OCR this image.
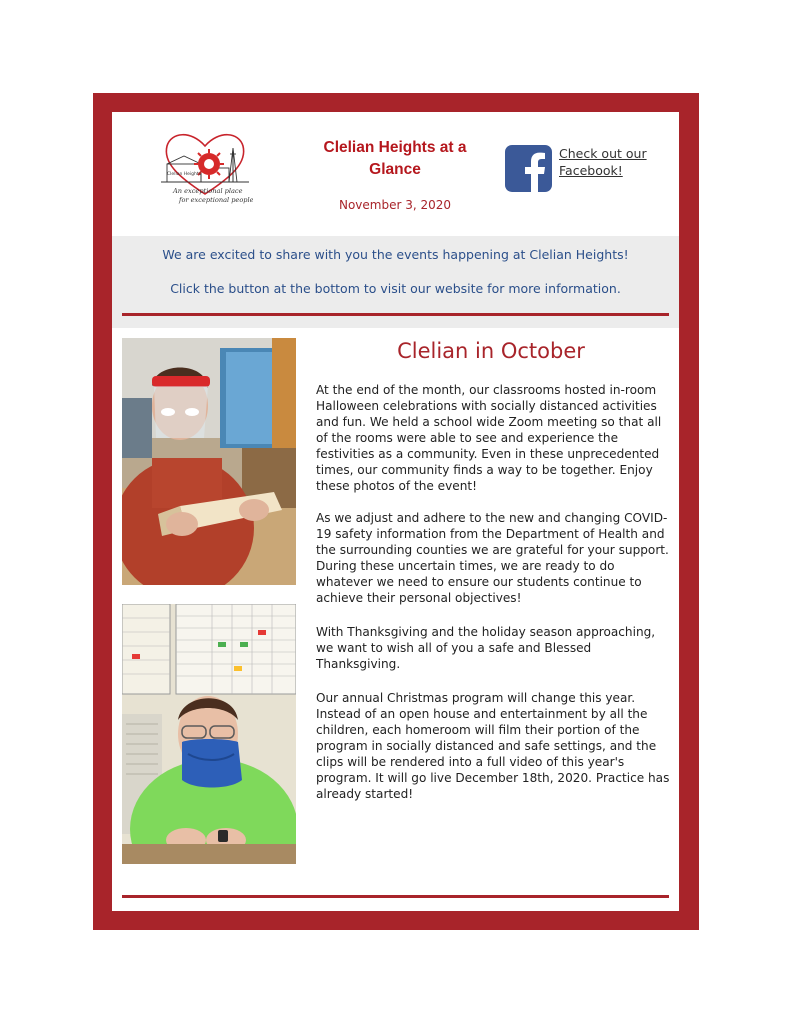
Clelian Heights
An exceptional place
for exceptional people
Clelian Heights at a Glance
November 3, 2020
Check out our Facebook!

We are excited to share with you the events happening at Clelian Heights!

Click the button at the bottom to visit our website for more information.

Clelian in October

At the end of the month, our classrooms hosted in-room Halloween celebrations with socially distanced activities and fun. We held a school wide Zoom meeting so that all of the rooms were able to see and experience the festivities as a community. Even in these unprecedented times, our community finds a way to be together. Enjoy these photos of the event!

As we adjust and adhere to the new and changing COVID-19 safety information from the Department of Health and the surrounding counties we are grateful for your support. During these uncertain times, we are ready to do whatever we need to ensure our students continue to achieve their personal objectives!

With Thanksgiving and the holiday season approaching, we want to wish all of you a safe and Blessed Thanksgiving.

Our annual Christmas program will change this year. Instead of an open house and entertainment by all the children, each homeroom will film their portion of the program in socially distanced and safe settings, and the clips will be rendered into a full video of this year's program. It will go live December 18th, 2020. Practice has already started!
